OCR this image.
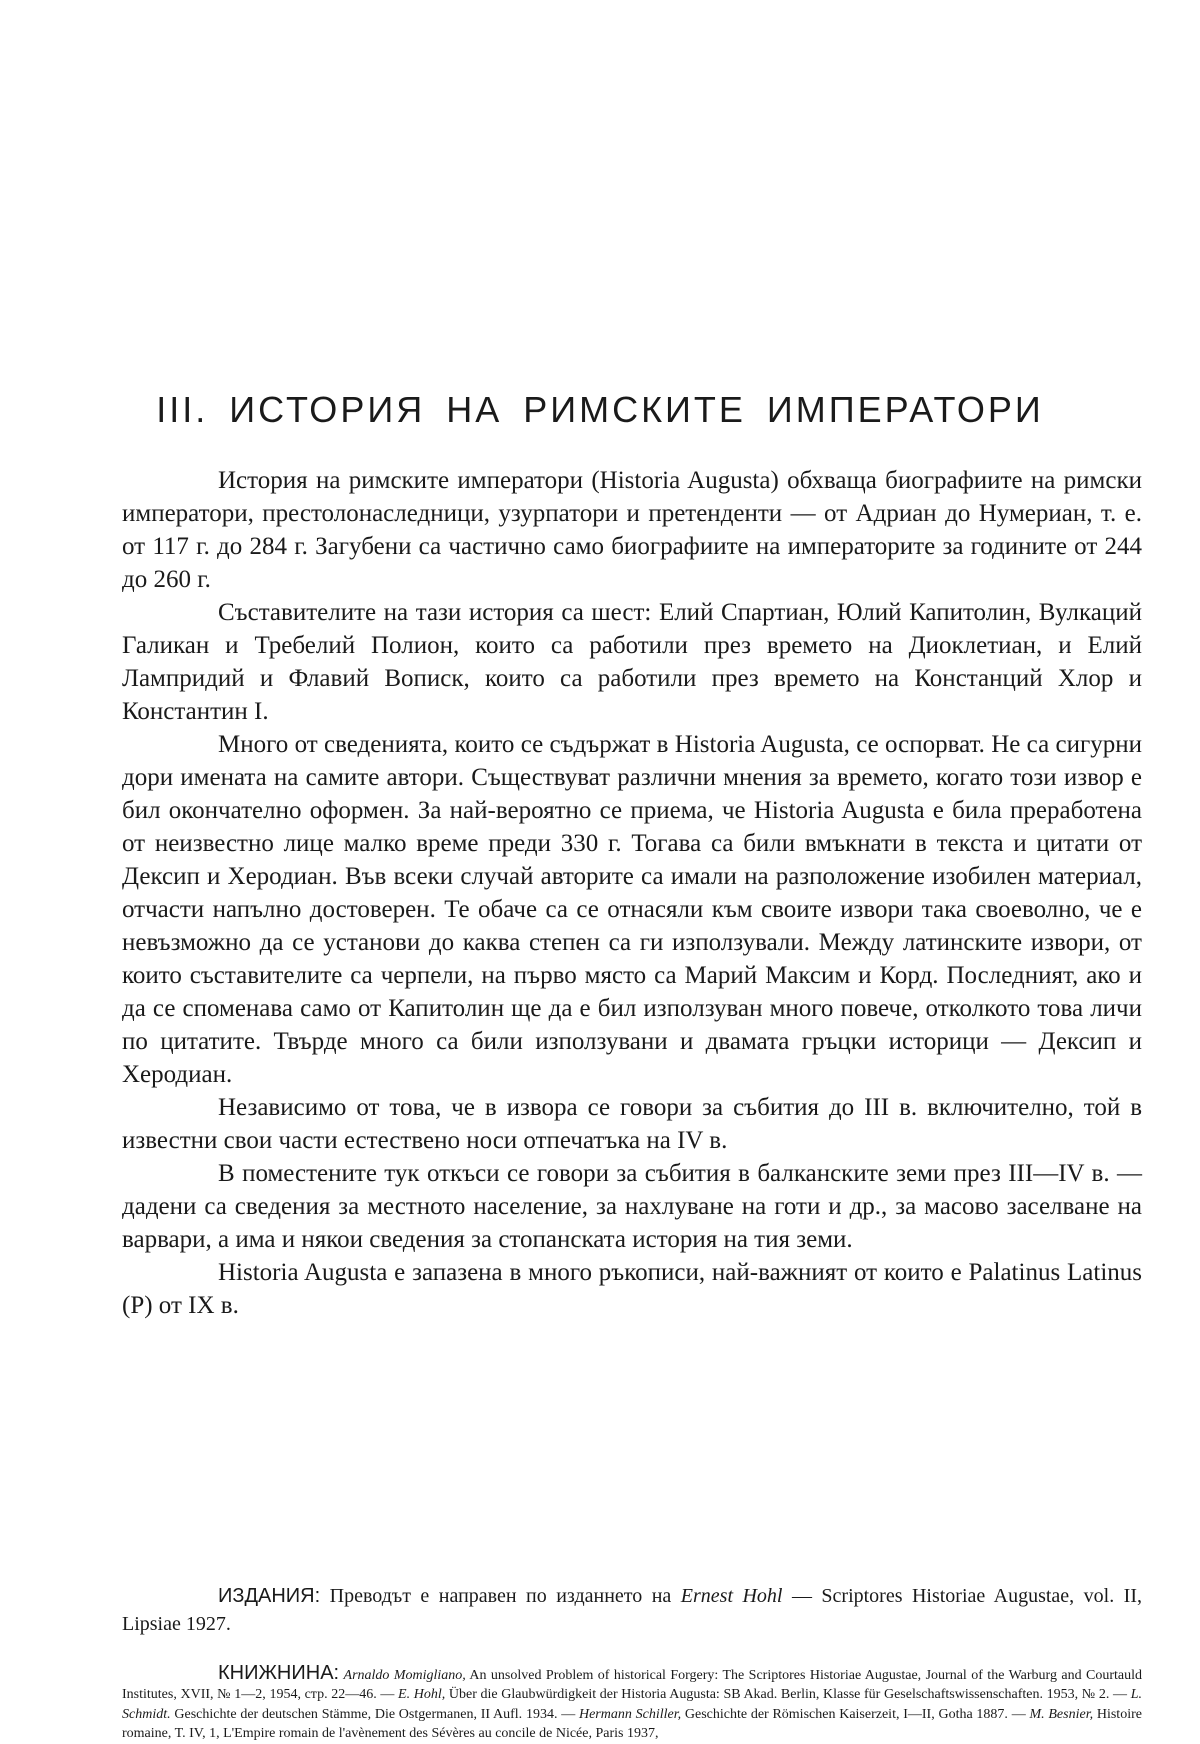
III. ИСТОРИЯ НА РИМСКИТЕ ИМПЕРАТОРИ

История на римските императори (Historia Augusta) обхваща биографиите на римски императори, престолонаследници, узурпатори и претенденти — от Адриан до Нумериан, т. е. от 117 г. до 284 г. Загубени са частично само биографиите на императорите за годините от 244 до 260 г.

Съставителите на тази история са шест: Елий Спартиан, Юлий Капитолин, Вулкаций Галикан и Требелий Полион, които са работили през времето на Диоклетиан, и Елий Лампридий и Флавий Вописк, които са работили през времето на Констанций Хлор и Константин I.

Много от сведенията, които се съдържат в Historia Augusta, се оспорват. Не са сигурни дори имената на самите автори. Съществуват различни мнения за времето, когато този извор е бил окончателно оформен. За най-вероятно се приема, че Historia Augusta е била преработена от неизвестно лице малко време преди 330 г. Тогава са били вмъкнати в текста и цитати от Дексип и Херодиан. Във всеки случай авторите са имали на разположение изобилен материал, отчасти напълно достоверен. Те обаче са се отнасяли към своите извори така своеволно, че е невъзможно да се установи до каква степен са ги използували. Между латинските извори, от които съставителите са черпели, на първо място са Марий Максим и Корд. Последният, ако и да се споменава само от Капитолин ще да е бил използуван много повече, отколкото това личи по цитатите. Твърде много са били използувани и двамата гръцки историци — Дексип и Херодиан.

Независимо от това, че в извора се говори за събития до III в. включително, той в известни свои части естествено носи отпечатъка на IV в.

В поместените тук откъси се говори за събития в балканските земи през III—IV в. — дадени са сведения за местното население, за нахлуване на готи и др., за масово заселване на варвари, а има и някои сведения за стопанската история на тия земи.

Historia Augusta е запазена в много ръкописи, най-важният от които е Palatinus Latinus (P) от IX в.

ИЗДАНИЯ: Преводът е направен по изданнето на Ernest Hohl — Scriptores Historiae Augustae, vol. II, Lipsiae 1927.

КНИЖНИНА: Arnaldo Momigliano, An unsolved Problem of historical Forgery: The Scriptores Historiae Augustae, Journal of the Warburg and Courtauld Institutes, XVII, № 1—2, 1954, стр. 22—46. — E. Hohl, Über die Glaubwürdigkeit der Historia Augusta: SB Akad. Berlin, Klasse für Geselschaftswissenschaften. 1953, № 2. — L. Schmidt. Geschichte der deutschen Stämme, Die Ostgermanen, II Aufl. 1934. — Hermann Schiller, Geschichte der Römischen Kaiserzeit, I—II, Gotha 1887. — M. Besnier, Histoire romaine, T. IV, 1, L'Empire romain de l'avènement des Sévères au concile de Nicée, Paris 1937,
